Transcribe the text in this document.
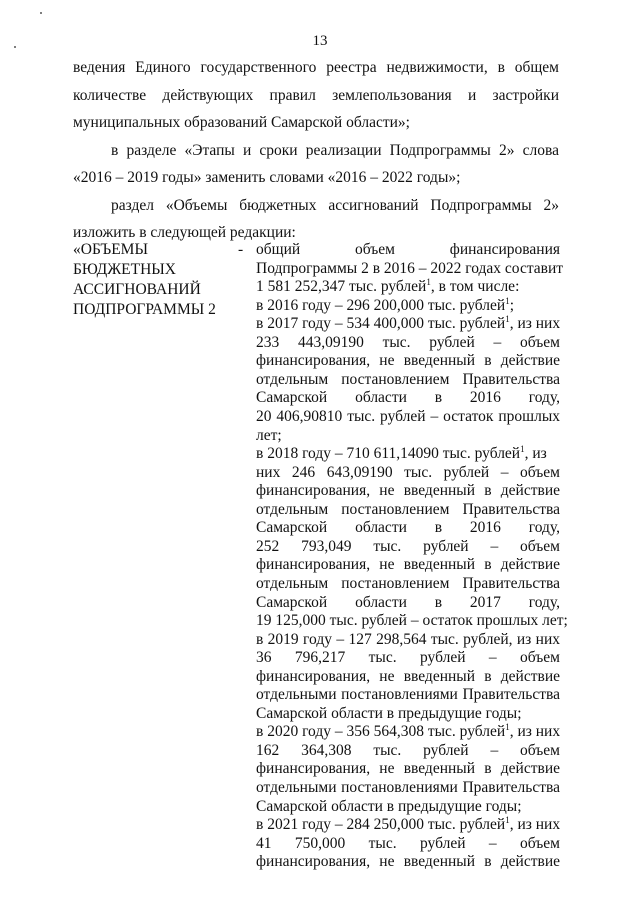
13

ведения Единого государственного реестра недвижимости, в общем

количестве действующих правил землепользования и застройки

муниципальных образований Самарской области»;

в разделе «Этапы и сроки реализации Подпрограммы 2» слова

«2016 – 2019 годы» заменить словами «2016 – 2022 годы»;

раздел «Объемы бюджетных ассигнований Подпрограммы 2»

изложить в следующей редакции:

«ОБЪЕМЫ

БЮДЖЕТНЫХ

АССИГНОВАНИЙ

ПОДПРОГРАММЫ 2

- общий объем финансирования

Подпрограммы 2 в 2016 – 2022 годах составит

1 581 252,347 тыс. рублей$^1$, в том числе:

в 2016 году – 296 200,000 тыс. рублей$^1$;

в 2017 году – 534 400,000 тыс. рублей$^1$, из них

233 443,09190 тыс. рублей – объем

финансирования, не введенный в действие

отдельным постановлением Правительства

Самарской области в 2016 году,

20 406,90810 тыс. рублей – остаток прошлых

лет;

в 2018 году – 710 611,14090 тыс. рублей$^1$, из

них 246 643,09190 тыс. рублей – объем

финансирования, не введенный в действие

отдельным постановлением Правительства

Самарской области в 2016 году,

252 793,049 тыс. рублей – объем

финансирования, не введенный в действие

отдельным постановлением Правительства

Самарской области в 2017 году,

19 125,000 тыс. рублей – остаток прошлых лет;

в 2019 году – 127 298,564 тыс. рублей, из них

36 796,217 тыс. рублей – объем

финансирования, не введенный в действие

отдельными постановлениями Правительства

Самарской области в предыдущие годы;

в 2020 году – 356 564,308 тыс. рублей$^1$, из них

162 364,308 тыс. рублей – объем

финансирования, не введенный в действие

отдельными постановлениями Правительства

Самарской области в предыдущие годы;

в 2021 году – 284 250,000 тыс. рублей$^1$, из них

41 750,000 тыс. рублей – объем

финансирования, не введенный в действие
